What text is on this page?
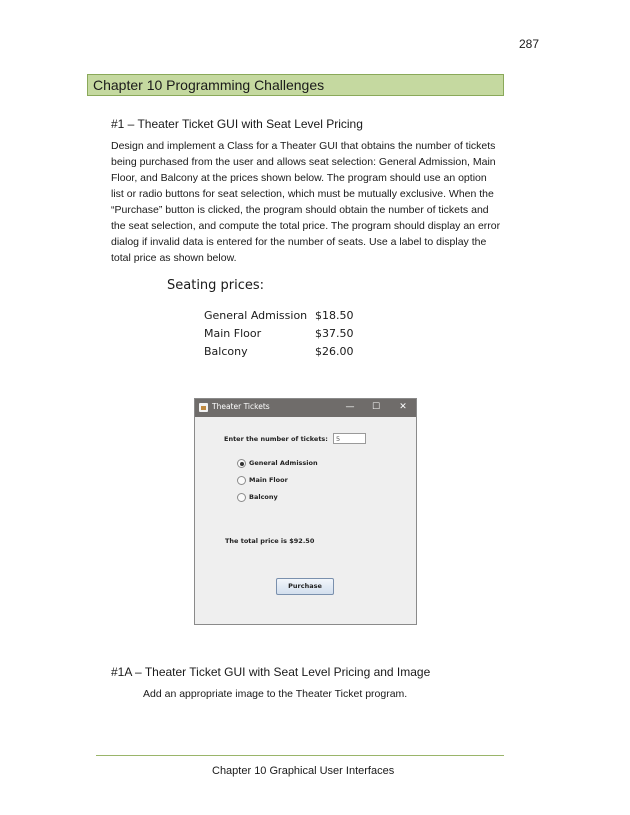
287
Chapter 10 Programming Challenges
#1 – Theater Ticket GUI with Seat Level Pricing

Design and implement a Class for a Theater GUI that obtains the number of tickets being purchased from the user and allows seat selection: General Admission, Main Floor, and Balcony at the prices shown below. The program should use an option list or radio buttons for seat selection, which must be mutually exclusive. When the “Purchase” button is clicked, the program should obtain the number of tickets and the seat selection, and compute the total price. The program should display an error dialog if invalid data is entered for the number of seats. Use a label to display the total price as shown below.

Seating prices:
General Admission	$18.50
Main Floor	$37.50
Balcony	$26.00
Theater Tickets	—	☐	✕
Enter the number of tickets:	5
General Admission
Main Floor
Balcony
The total price is $92.50
Purchase
#1A – Theater Ticket GUI with Seat Level Pricing and Image
Add an appropriate image to the Theater Ticket program.
Chapter 10 Graphical User Interfaces
